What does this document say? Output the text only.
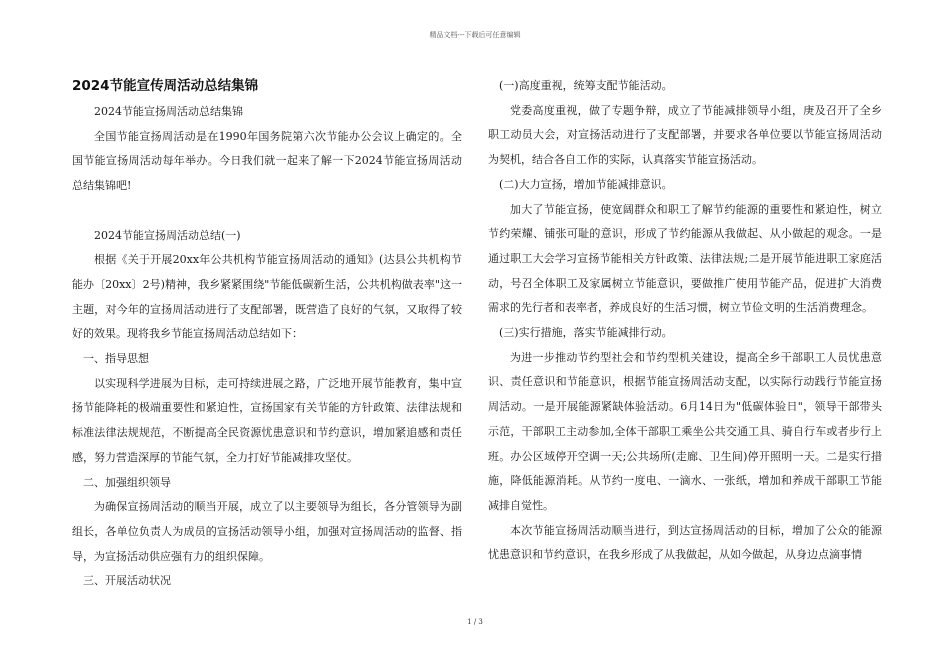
精品文档---下载后可任意编辑
2024节能宣传周活动总结集锦

2024节能宣扬周活动总结集锦

全国节能宣扬周活动是在1990年国务院第六次节能办公会议上确定的。全国节能宣扬周活动每年举办。今日我们就一起来了解一下2024节能宣扬周活动总结集锦吧!

2024节能宣扬周活动总结(一)

根据《关于开展20xx年公共机构节能宣扬周活动的通知》(达县公共机构节能办〔20xx〕2号)精神，我乡紧紧围绕"节能低碳新生活，公共机构做表率"这一主题，对今年的宣扬周活动进行了支配部署，既营造了良好的气氛，又取得了较好的效果。现将我乡节能宣扬周活动总结如下：

一、指导思想

以实现科学进展为目标，走可持续进展之路，广泛地开展节能教育，集中宣扬节能降耗的极端重要性和紧迫性，宣扬国家有关节能的方针政策、法律法规和标准法律法规规范，不断提高全民资源忧患意识和节约意识，增加紧追感和责任感，努力营造深厚的节能气氛，全力打好节能减排攻坚仗。

二、加强组织领导

为确保宣扬周活动的顺当开展，成立了以主要领导为组长，各分管领导为副组长，各单位负责人为成员的宣扬活动领导小组，加强对宣扬周活动的监督、指导，为宣扬活动供应强有力的组织保障。

三、开展活动状况

(一)高度重视，统筹支配节能活动。

党委高度重视，做了专题争辩，成立了节能减排领导小组，庚及召开了全乡职工动员大会，对宣扬活动进行了支配部署，并要求各单位要以节能宣扬周活动为契机，结合各自工作的实际，认真落实节能宣扬活动。

(二)大力宣扬，增加节能减排意识。

加大了节能宣扬，使宽阔群众和职工了解节约能源的重要性和紧迫性，树立节约荣耀、铺张可耻的意识，形成了节约能源从我做起、从小做起的观念。一是通过职工大会学习宣扬节能相关方针政策、法律法规;二是开展节能进职工家庭活动，号召全体职工及家属树立节能意识，要做推广使用节能产品，促进扩大消费需求的先行者和表率者，养成良好的生活习惯，树立节俭文明的生活消费理念。

(三)实行措施，落实节能减排行动。

为进一步推动节约型社会和节约型机关建设，提高全乡干部职工人员忧患意识、责任意识和节能意识，根据节能宣扬周活动支配，以实际行动践行节能宣扬周活动。一是开展能源紧缺体验活动。6月14日为"低碳体验日"，领导干部带头示范，干部职工主动参加,全体干部职工乘坐公共交通工具、骑自行车或者步行上班。办公区域停开空调一天;公共场所(走廊、卫生间)停开照明一天。二是实行措施，降低能源消耗。从节约一度电、一滴水、一张纸，增加和养成干部职工节能减排自觉性。

本次节能宣扬周活动顺当进行，到达宣扬周活动的目标，增加了公众的能源忧患意识和节约意识，在我乡形成了从我做起，从如今做起，从身边点滴事情

1 / 3
